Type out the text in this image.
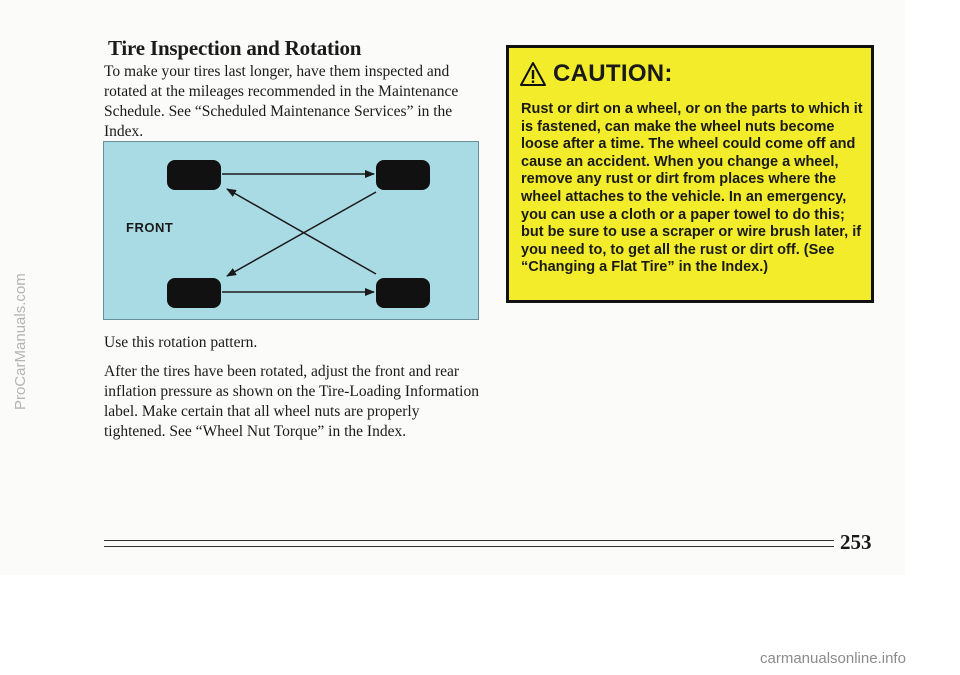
Tire Inspection and Rotation

To make your tires last longer, have them inspected and rotated at the mileages recommended in the Maintenance Schedule. See “Scheduled Maintenance Services” in the Index.

FRONT

Use this rotation pattern.

After the tires have been rotated, adjust the front and rear inflation pressure as shown on the Tire-Loading Information label. Make certain that all wheel nuts are properly tightened. See “Wheel Nut Torque” in the Index.

CAUTION:

Rust or dirt on a wheel, or on the parts to which it is fastened, can make the wheel nuts become loose after a time. The wheel could come off and cause an accident. When you change a wheel, remove any rust or dirt from places where the wheel attaches to the vehicle. In an emergency, you can use a cloth or a paper towel to do this; but be sure to use a scraper or wire brush later, if you need to, to get all the rust or dirt off. (See “Changing a Flat Tire” in the Index.)

253
ProCarManuals.com
carmanualsonline.info
